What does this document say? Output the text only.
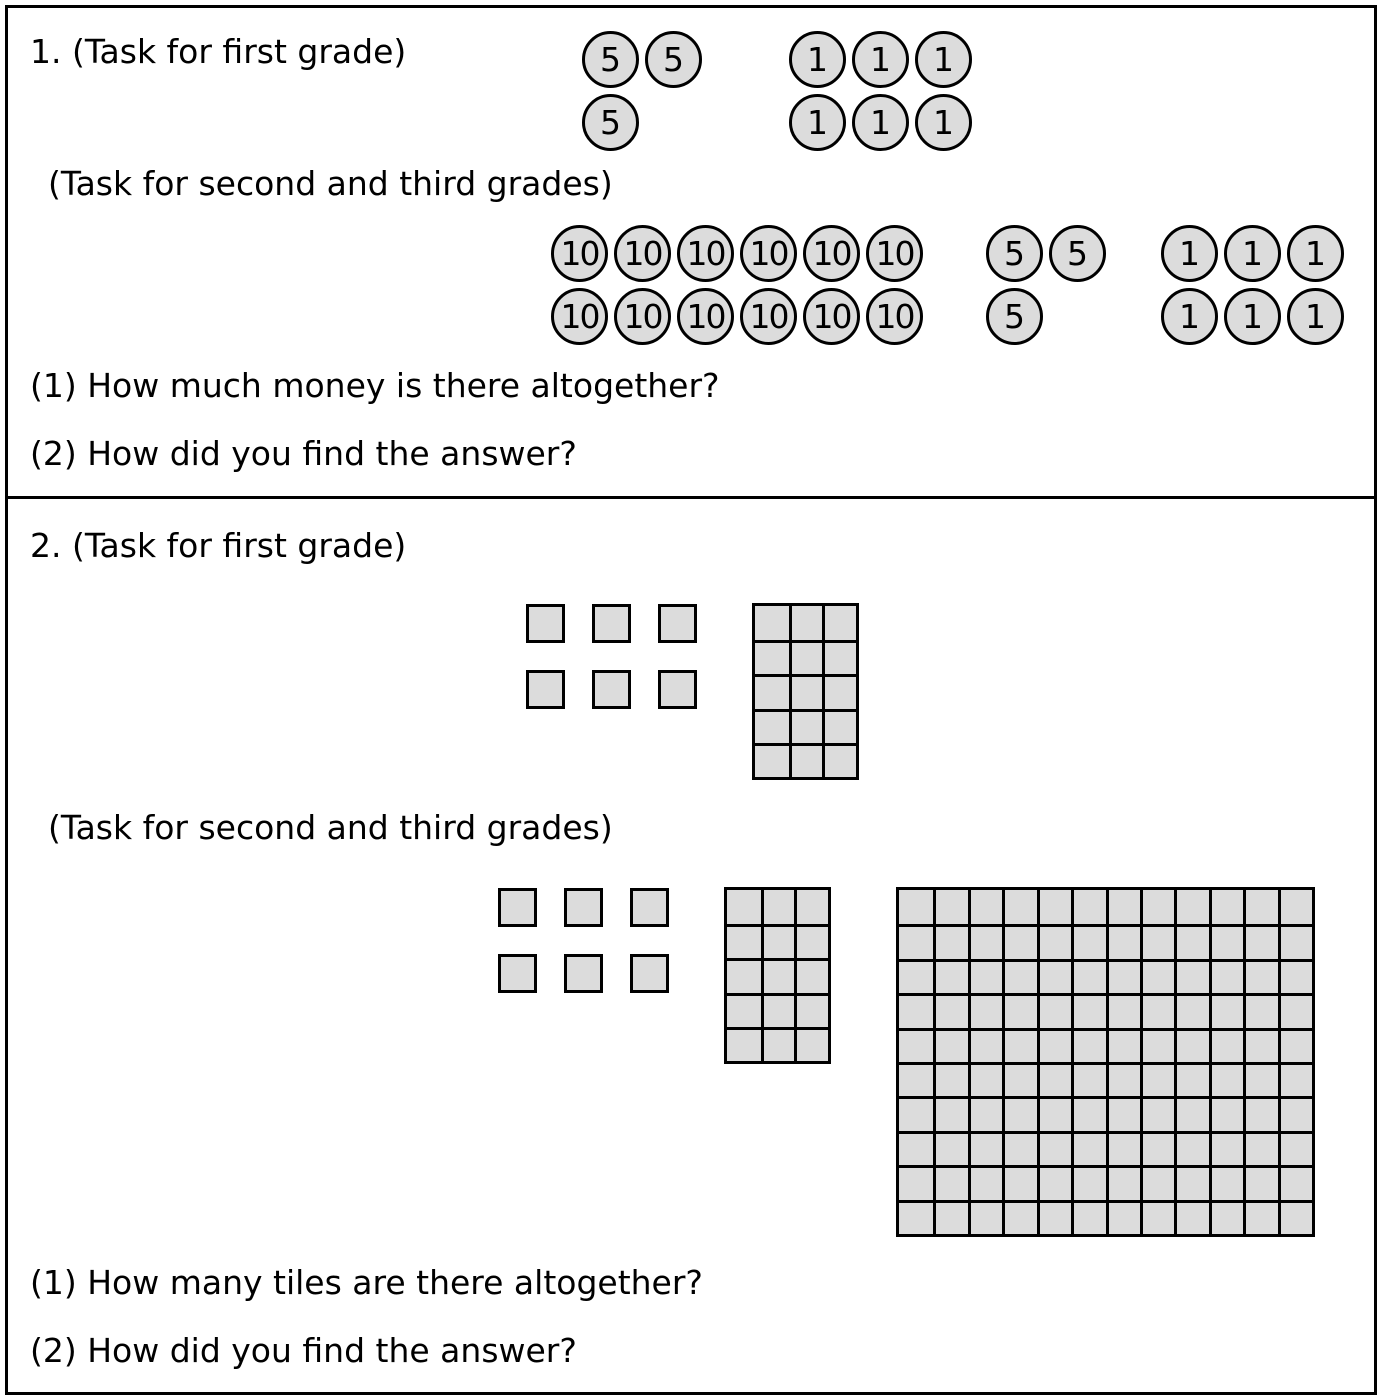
1. (Task for first grade)
(Task for second and third grades)
(1) How much money is there altogether?
(2) How did you find the answer?
5	5
5
1	1	1
1	1	1
10 10 10 10 10 10
10 10 10 10 10 10
5	5
5
1	1	1
1	1	1
2. (Task for first grade)
(Task for second and third grades)
(1) How many tiles are there altogether?
(2) How did you find the answer?
